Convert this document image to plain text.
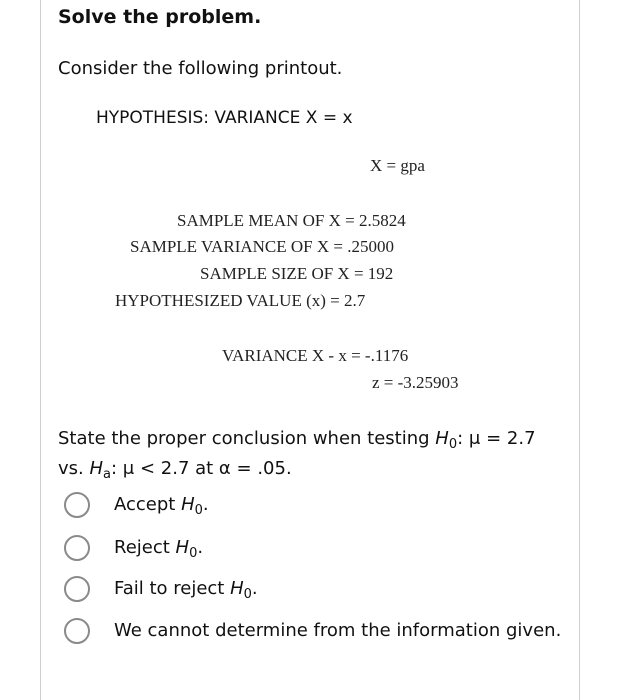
Solve the problem.
Consider the following printout.
HYPOTHESIS: VARIANCE X = x
X = gpa
SAMPLE MEAN OF X = 2.5824
SAMPLE VARIANCE OF X = .25000
SAMPLE SIZE OF X = 192
HYPOTHESIZED VALUE (x) = 2.7
VARIANCE X - x = -.1176
z = -3.25903
State the proper conclusion when testing $H_0$: μ = 2.7
vs. $H_a$: μ < 2.7 at α = .05.
Accept $H_0$.
Reject $H_0$.
Fail to reject $H_0$.
We cannot determine from the information given.
